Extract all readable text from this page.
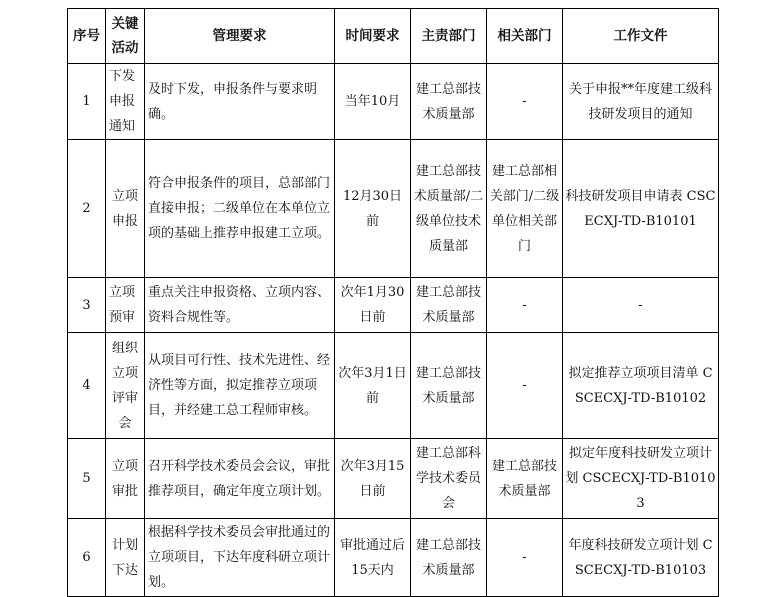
序号	关键活动	管理要求	时间要求	主责部门	相关部门	工作文件
1	下发申报通知	及时下发，申报条件与要求明确。	当年10月	建工总部技术质量部	-	关于申报**年度建工级科技研发项目的通知
2	立项申报	符合申报条件的项目，总部部门直接申报；二级单位在本单位立项的基础上推荐申报建工立项。	12月30日前	建工总部技术质量部/二级单位技术质量部	建工总部相关部门/二级单位相关部门	科技研发项目申请表 CSCECXJ-TD-B10101
3	立项预审	重点关注申报资格、立项内容、资料合规性等。	次年1月30日前	建工总部技术质量部	-	-
4	组织立项评审会	从项目可行性、技术先进性、经济性等方面，拟定推荐立项项目，并经建工总工程师审核。	次年3月1日前	建工总部技术质量部	-	拟定推荐立项项目清单 CSCECXJ-TD-B10102
5	立项审批	召开科学技术委员会会议，审批推荐项目，确定年度立项计划。	次年3月15日前	建工总部科学技术委员会	建工总部技术质量部	拟定年度科技研发立项计划 CSCECXJ-TD-B10103
6	计划下达	根据科学技术委员会审批通过的立项项目，下达年度科研立项计划。	审批通过后15天内	建工总部技术质量部	-	年度科技研发立项计划 CSCECXJ-TD-B10103
